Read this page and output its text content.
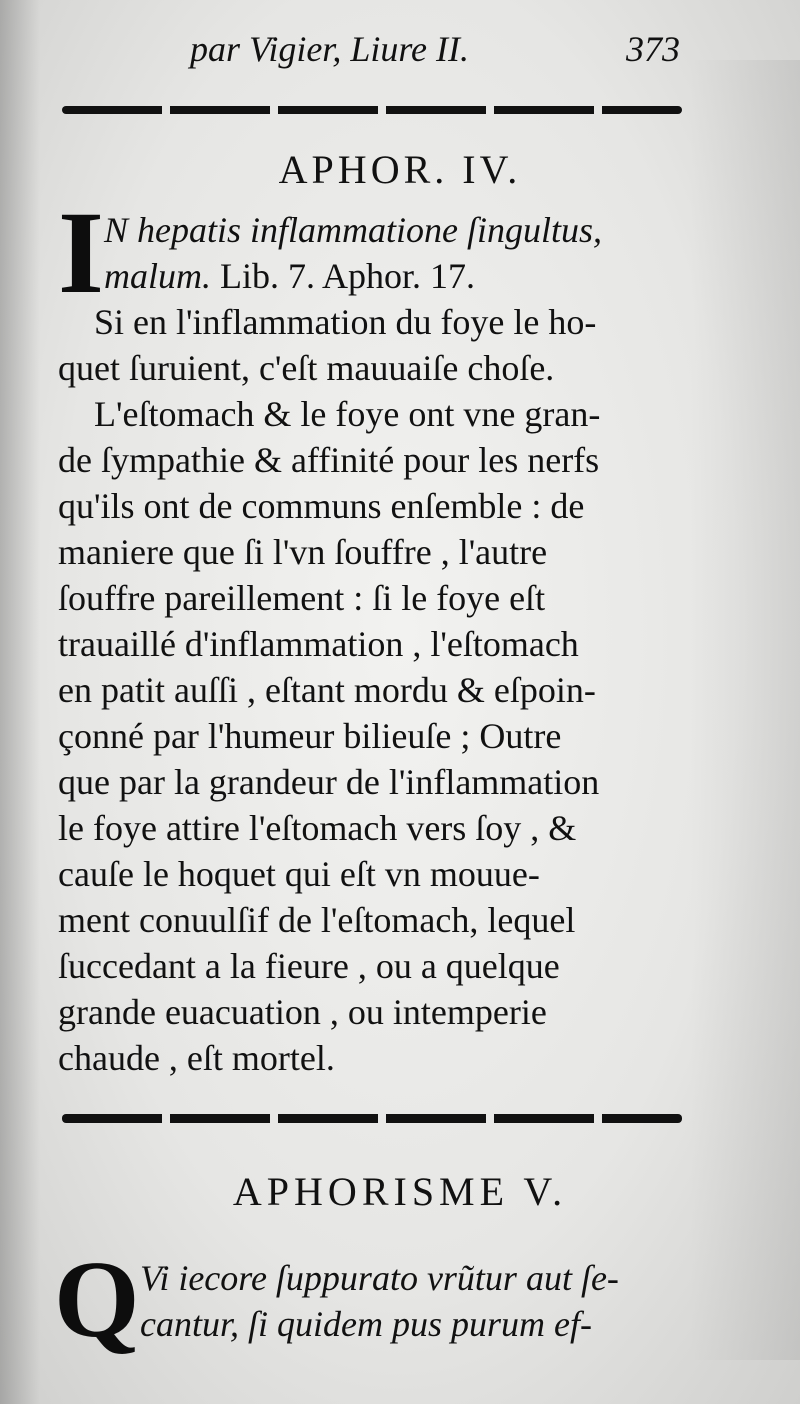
par Vigier, Liure II.	373
APHOR. IV.
I N hepatis inflammatione ſingultus,
malum. Lib. 7. Aphor. 17.
Si en l'inflammation du foye le ho-
quet ſuruient, c'eſt mauuaiſe choſe.
L'eſtomach & le foye ont vne gran-
de ſympathie & affinité pour les nerfs
qu'ils ont de communs enſemble : de
maniere que ſi l'vn ſouffre , l'autre
ſouffre pareillement : ſi le foye eſt
trauaillé d'inflammation , l'eſtomach
en patit auſſi , eſtant mordu & eſpoin-
çonné par l'humeur bilieuſe ; Outre
que par la grandeur de l'inflammation
le foye attire l'eſtomach vers ſoy , &
cauſe le hoquet qui eſt vn mouue-
ment conuulſif de l'eſtomach, lequel
ſuccedant a la fieure , ou a quelque
grande euacuation , ou intemperie
chaude , eſt mortel.
APHORISME V.
Q Vi iecore ſuppurato vrũtur aut ſe-
cantur, ſi quidem pus purum ef-
